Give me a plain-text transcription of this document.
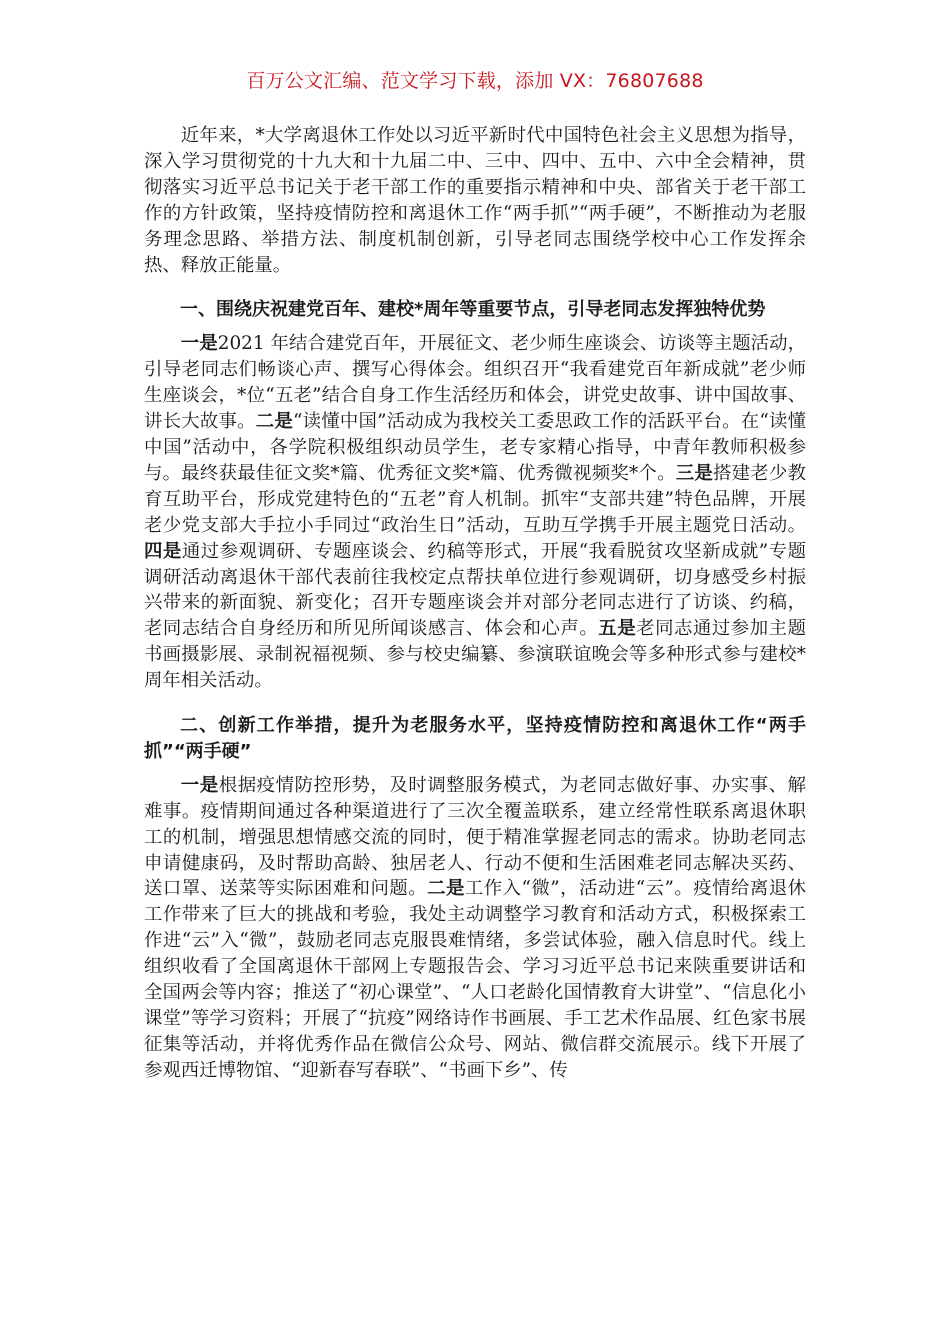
百万公文汇编、范文学习下载，添加 VX：76807688

近年来，*大学离退休工作处以习近平新时代中国特色社会主义思想为指导，深入学习贯彻党的十九大和十九届二中、三中、四中、五中、六中全会精神，贯彻落实习近平总书记关于老干部工作的重要指示精神和中央、部省关于老干部工作的方针政策，坚持疫情防控和离退休工作“两手抓”“两手硬”，不断推动为老服务理念思路、举措方法、制度机制创新，引导老同志围绕学校中心工作发挥余热、释放正能量。

一、围绕庆祝建党百年、建校*周年等重要节点，引导老同志发挥独特优势

一是2021 年结合建党百年，开展征文、老少师生座谈会、访谈等主题活动，引导老同志们畅谈心声、撰写心得体会。组织召开“我看建党百年新成就”老少师生座谈会，*位“五老”结合自身工作生活经历和体会，讲党史故事、讲中国故事、讲长大故事。二是“读懂中国”活动成为我校关工委思政工作的活跃平台。在“读懂中国”活动中，各学院积极组织动员学生，老专家精心指导，中青年教师积极参与。最终获最佳征文奖*篇、优秀征文奖*篇、优秀微视频奖*个。三是搭建老少教育互助平台，形成党建特色的“五老”育人机制。抓牢“支部共建”特色品牌，开展老少党支部大手拉小手同过“政治生日”活动，互助互学携手开展主题党日活动。四是通过参观调研、专题座谈会、约稿等形式，开展“我看脱贫攻坚新成就”专题调研活动离退休干部代表前往我校定点帮扶单位进行参观调研，切身感受乡村振兴带来的新面貌、新变化；召开专题座谈会并对部分老同志进行了访谈、约稿，老同志结合自身经历和所见所闻谈感言、体会和心声。五是老同志通过参加主题书画摄影展、录制祝福视频、参与校史编纂、参演联谊晚会等多种形式参与建校*周年相关活动。

二、创新工作举措，提升为老服务水平，坚持疫情防控和离退休工作“两手抓”“两手硬”

一是根据疫情防控形势，及时调整服务模式，为老同志做好事、办实事、解难事。疫情期间通过各种渠道进行了三次全覆盖联系，建立经常性联系离退休职工的机制，增强思想情感交流的同时，便于精准掌握老同志的需求。协助老同志申请健康码，及时帮助高龄、独居老人、行动不便和生活困难老同志解决买药、送口罩、送菜等实际困难和问题。二是工作入“微”，活动进“云”。疫情给离退休工作带来了巨大的挑战和考验，我处主动调整学习教育和活动方式，积极探索工作进“云”入“微”，鼓励老同志克服畏难情绪，多尝试体验，融入信息时代。线上组织收看了全国离退休干部网上专题报告会、学习习近平总书记来陕重要讲话和全国两会等内容；推送了“初心课堂”、“人口老龄化国情教育大讲堂”、“信息化小课堂”等学习资料；开展了“抗疫”网络诗作书画展、手工艺术作品展、红色家书展征集等活动，并将优秀作品在微信公众号、网站、微信群交流展示。线下开展了参观西迁博物馆、“迎新春写春联”、“书画下乡”、传
